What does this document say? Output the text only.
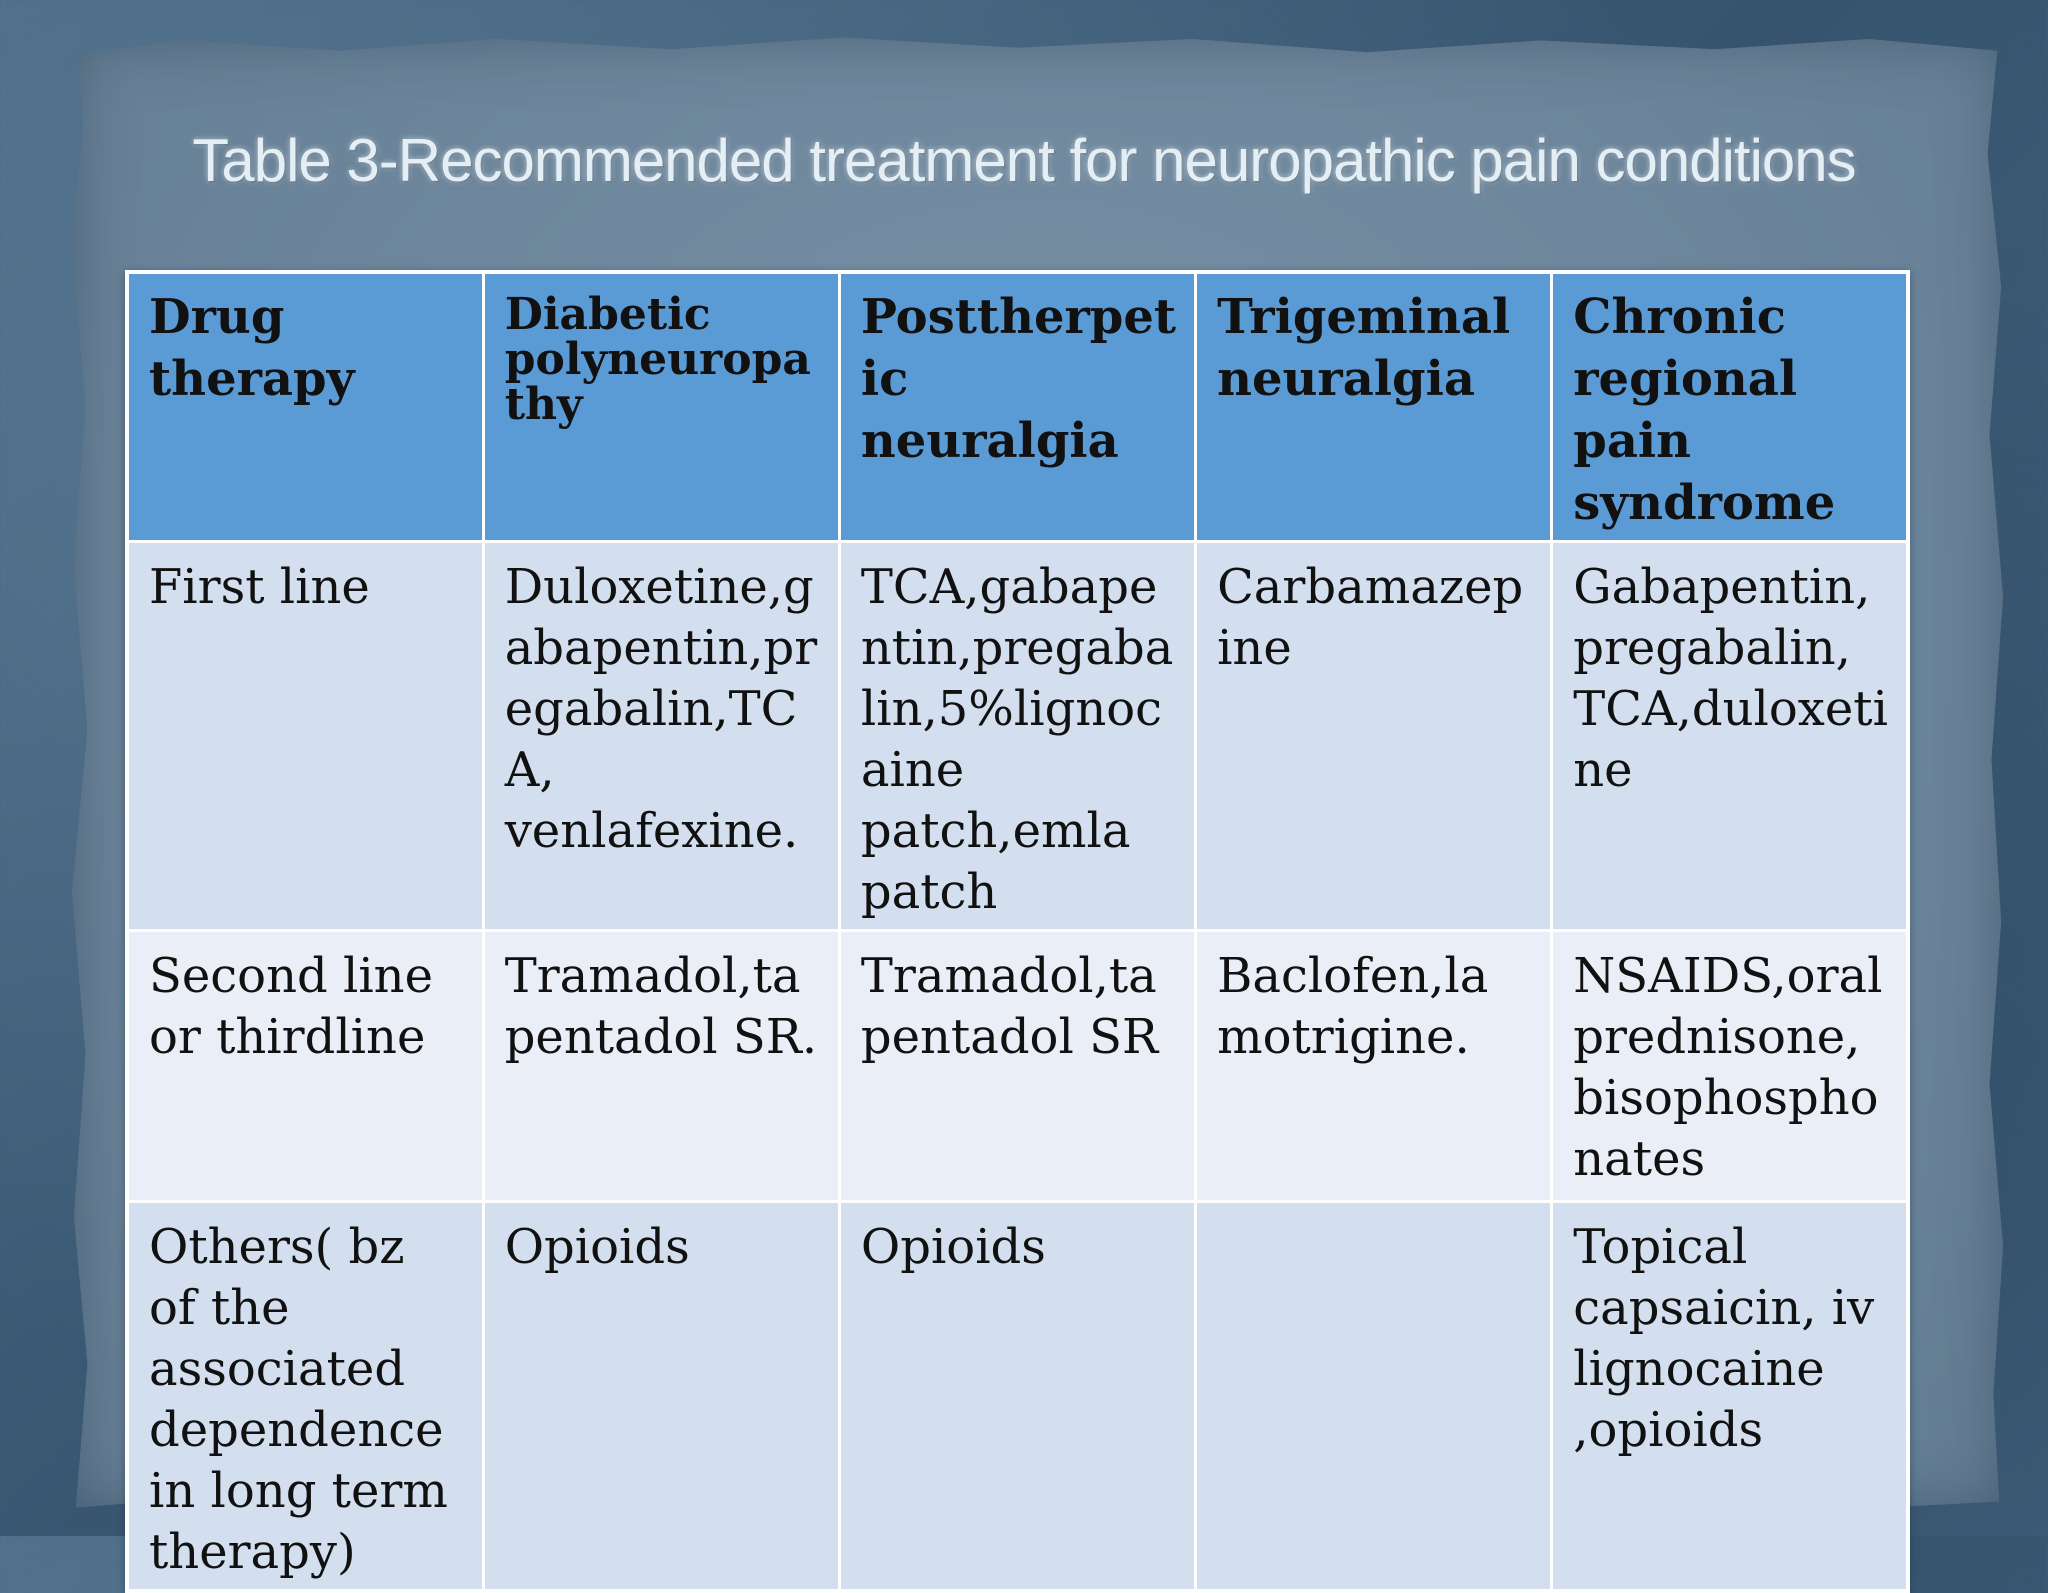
Table 3-Recommended treatment for neuropathic pain conditions
Drug therapy	Diabetic polyneuropathy	Posttherpetic neuralgia	Trigeminal neuralgia	Chronic regional pain syndrome
First line	Duloxetine,gabapentin,pregabalin,TCA, venlafexine.	TCA,gabapentin,pregabalin,5%lignocaine patch,emla patch	Carbamazepine	Gabapentin, pregabalin, TCA,duloxetine
Second line or thirdline	Tramadol,tapentadol SR.	Tramadol,tapentadol SR	Baclofen,lamotrigine.	NSAIDS,oral prednisone, bisophosphonates
Others( bz of the associated dependence in long term therapy)	Opioids	Opioids		Topical capsaicin, iv lignocaine ,opioids
